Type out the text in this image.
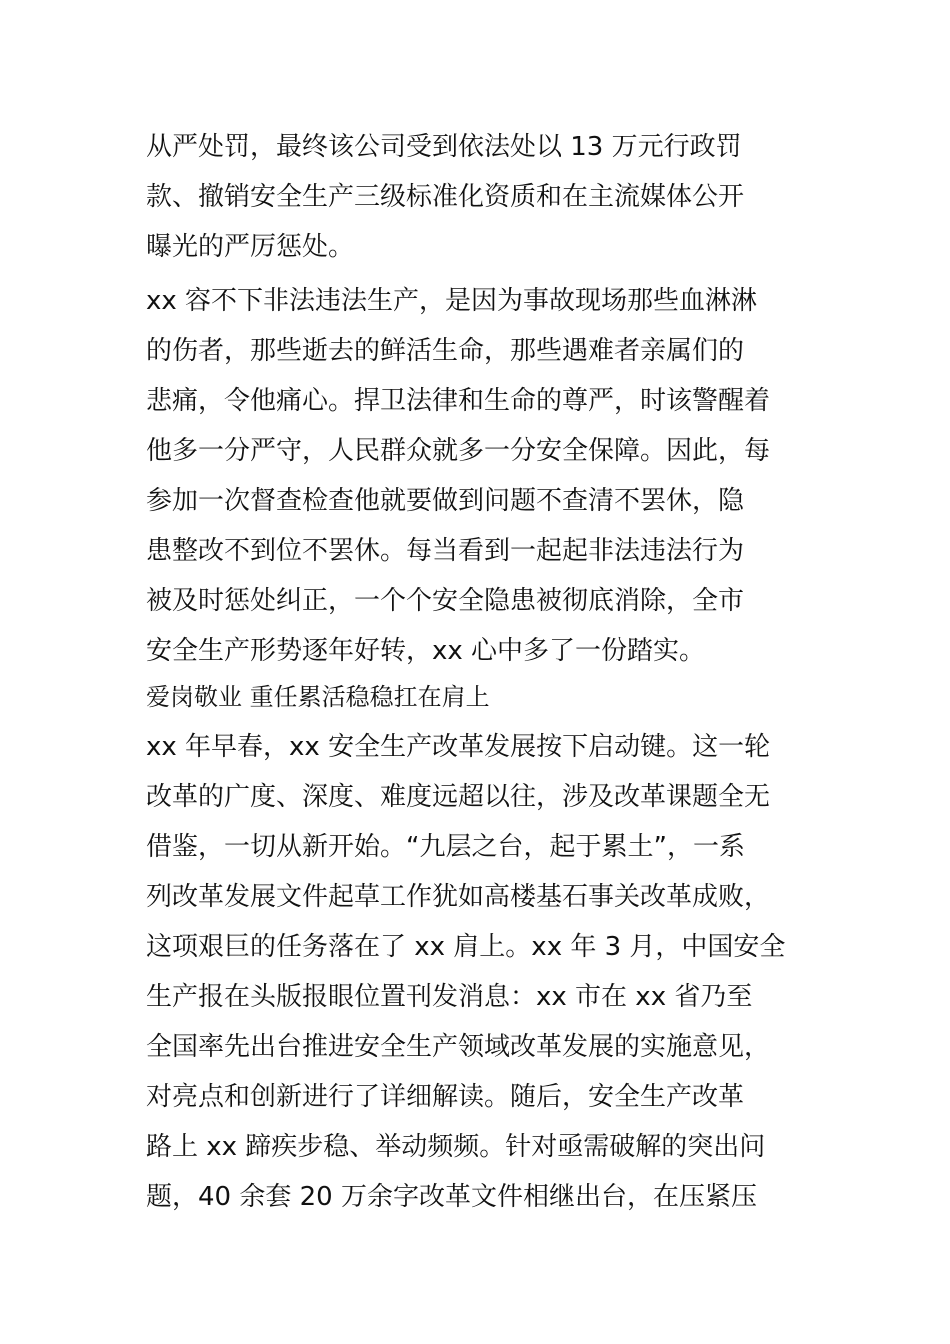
从严处罚，最终该公司受到依法处以 13 万元行政罚
款、撤销安全生产三级标准化资质和在主流媒体公开
曝光的严厉惩处。
xx 容不下非法违法生产，是因为事故现场那些血淋淋
的伤者，那些逝去的鲜活生命，那些遇难者亲属们的
悲痛，令他痛心。捍卫法律和生命的尊严，时该警醒着
他多一分严守，人民群众就多一分安全保障。因此，每
参加一次督查检查他就要做到问题不查清不罢休，隐
患整改不到位不罢休。每当看到一起起非法违法行为
被及时惩处纠正，一个个安全隐患被彻底消除，全市
安全生产形势逐年好转，xx 心中多了一份踏实。
爱岗敬业 重任累活稳稳扛在肩上
xx 年早春，xx 安全生产改革发展按下启动键。这一轮
改革的广度、深度、难度远超以往，涉及改革课题全无
借鉴，一切从新开始。“九层之台，起于累土”，一系
列改革发展文件起草工作犹如高楼基石事关改革成败，
这项艰巨的任务落在了 xx 肩上。xx 年 3 月，中国安全
生产报在头版报眼位置刊发消息：xx 市在 xx 省乃至
全国率先出台推进安全生产领域改革发展的实施意见，
对亮点和创新进行了详细解读。随后，安全生产改革
路上 xx 蹄疾步稳、举动频频。针对亟需破解的突出问
题，40 余套 20 万余字改革文件相继出台，在压紧压
